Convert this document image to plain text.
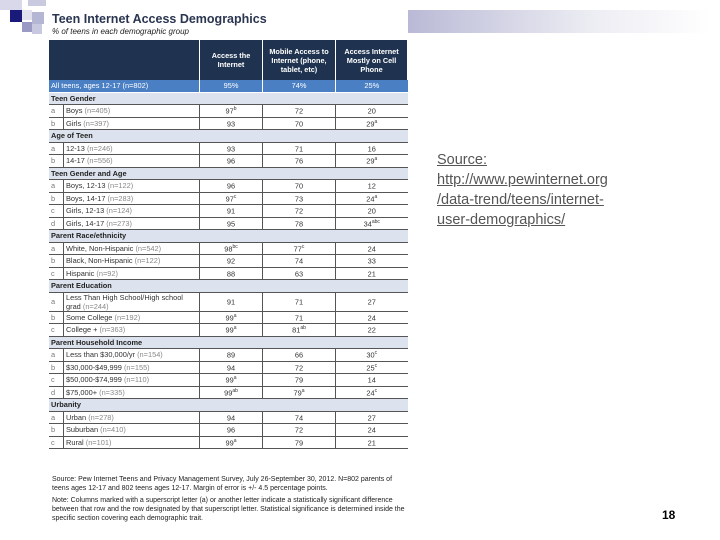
Teen Internet Access Demographics
% of teens in each demographic group
		Access the Internet	Mobile Access to Internet (phone, tablet, etc)	Access Internet Mostly on Cell Phone
All teens, ages 12-17 (n=802)		95%	74%	25%
Teen Gender				
a	Boys (n=405)	97$^b$	72	20
b	Girls (n=397)	93	70	29$^a$
Age of Teen				
a	12-13 (n=246)	93	71	16
b	14-17 (n=556)	96	76	29$^a$
Teen Gender and Age				
a	Boys, 12-13 (n=122)	96	70	12
b	Boys, 14-17 (n=283)	97$^c$	73	24$^a$
c	Girls, 12-13 (n=124)	91	72	20
d	Girls, 14-17 (n=273)	95	78	$34^{abc}$
Parent Race/ethnicity				
a	White, Non-Hispanic (n=542)	$98^{bc}$	77$^c$	24
b	Black, Non-Hispanic (n=122)	92	74	33
c	Hispanic (n=92)	88	63	21
Parent Education				
a	Less Than High School/High school grad (n=244)	91	71	27
b	Some College (n=192)	99$^a$	71	24
c	College + (n=363)	99$^a$	$81^{ab}$	22
Parent Household Income				
a	Less than $30,000/yr (n=154)	89	66	30$^c$
b	$30,000-$49,999 (n=155)	94	72	25$^c$
c	$50,000-$74,999 (n=110)	99$^a$	79	14
d	$75,000+ (n=335)	$99^{ab}$	79$^a$	24$^c$
Urbanity				
a	Urban (n=278)	94	74	27
b	Suburban (n=410)	96	72	24
c	Rural (n=101)	99$^a$	79	21

Source: Pew Internet Teens and Privacy Management Survey, July 26-September 30, 2012. N=802 parents of teens ages 12-17 and 802 teens ages 12-17. Margin of error is +/- 4.5 percentage points.

Note: Columns marked with a superscript letter (a) or another letter indicate a statistically significant difference between that row and the row designated by that superscript letter. Statistical significance is determined inside the specific section covering each demographic trait.

Source:
http://www.pewinternet.org
/data-trend/teens/internet-
user-demographics/
18
